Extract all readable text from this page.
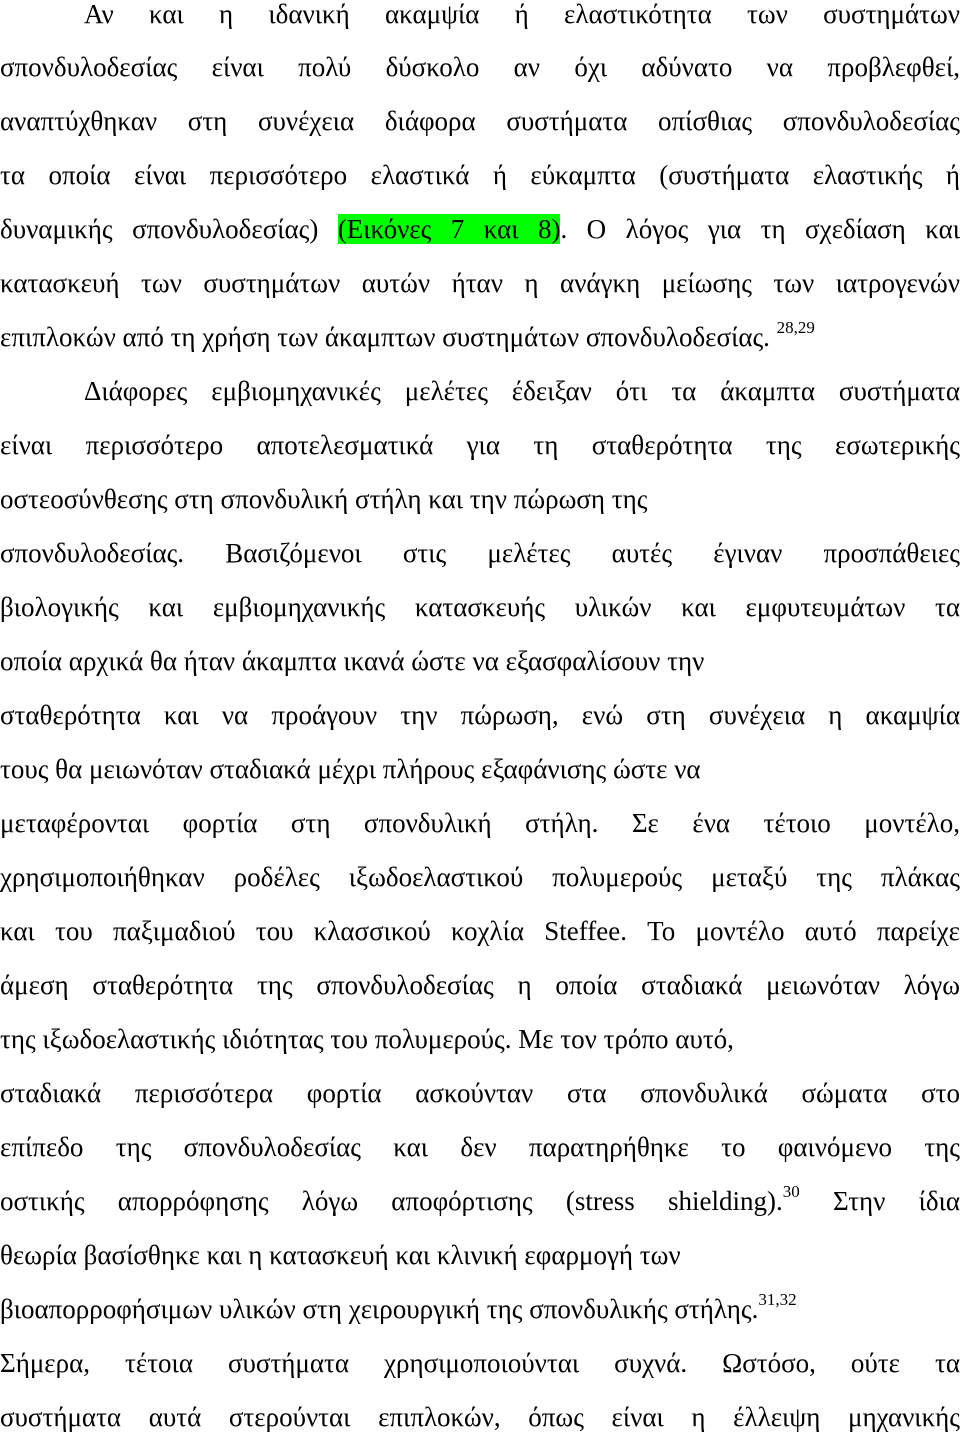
Αν και η ιδανική ακαμψία ή ελαστικότητα των συστημάτων
σπονδυλοδεσίας είναι πολύ δύσκολο αν όχι αδύνατο να προβλεφθεί,
αναπτύχθηκαν στη συνέχεια διάφορα συστήματα οπίσθιας σπονδυλοδεσίας
τα οποία είναι περισσότερο ελαστικά ή εύκαμπτα (συστήματα ελαστικής ή
δυναμικής σπονδυλοδεσίας) (Εικόνες 7 και 8). Ο λόγος για τη σχεδίαση και
κατασκευή των συστημάτων αυτών ήταν η ανάγκη μείωσης των ιατρογενών
επιπλοκών από τη χρήση των άκαμπτων συστημάτων σπονδυλοδεσίας. $^{28,29}$
Διάφορες εμβιομηχανικές μελέτες έδειξαν ότι τα άκαμπτα συστήματα
είναι περισσότερο αποτελεσματικά για τη σταθερότητα της εσωτερικής
οστεοσύνθεσης στη σπονδυλική στήλη και την πώρωση της
σπονδυλοδεσίας. Βασιζόμενοι στις μελέτες αυτές έγιναν προσπάθειες
βιολογικής και εμβιομηχανικής κατασκευής υλικών και εμφυτευμάτων τα
οποία αρχικά θα ήταν άκαμπτα ικανά ώστε να εξασφαλίσουν την
σταθερότητα και να προάγουν την πώρωση, ενώ στη συνέχεια η ακαμψία
τους θα μειωνόταν σταδιακά μέχρι πλήρους εξαφάνισης ώστε να
μεταφέρονται φορτία στη σπονδυλική στήλη. Σε ένα τέτοιο μοντέλο,
χρησιμοποιήθηκαν ροδέλες ιξωδοελαστικού πολυμερούς μεταξύ της πλάκας
και του παξιμαδιού του κλασσικού κοχλία Steffee. Το μοντέλο αυτό παρείχε
άμεση σταθερότητα της σπονδυλοδεσίας η οποία σταδιακά μειωνόταν λόγω
της ιξωδοελαστικής ιδιότητας του πολυμερούς. Με τον τρόπο αυτό,
σταδιακά περισσότερα φορτία ασκούνταν στα σπονδυλικά σώματα στο
επίπεδο της σπονδυλοδεσίας και δεν παρατηρήθηκε το φαινόμενο της
οστικής απορρόφησης λόγω αποφόρτισης (stress shielding).$^{30}$ Στην ίδια
θεωρία βασίσθηκε και η κατασκευή και κλινική εφαρμογή των
βιοαπορροφήσιμων υλικών στη χειρουργική της σπονδυλικής στήλης.$^{31,32}$
Σήμερα, τέτοια συστήματα χρησιμοποιούνται συχνά. Ωστόσο, ούτε τα
συστήματα αυτά στερούνται επιπλοκών, όπως είναι η έλλειψη μηχανικής
